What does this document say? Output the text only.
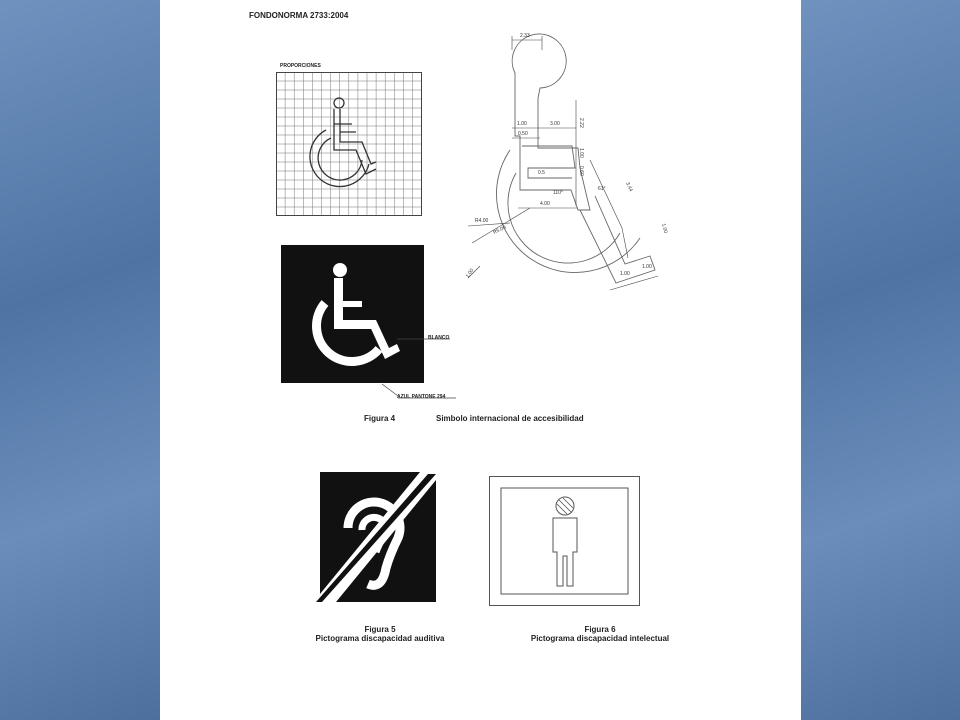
FONDONORMA 2733:2004
PROPORCIONES
BLANCO
AZUL PANTONE 294
2.33
1.00	3.00	2.22
0.50
1.00
0.5	0.60
110°
61°
4.00
R4.00
R5.00
1.00
3.44
1.00
1.00
1.00
Figura 4	Simbolo internacional de accesibilidad
Figura 5
Pictograma discapacidad auditiva
Figura 6
Pictograma discapacidad intelectual
